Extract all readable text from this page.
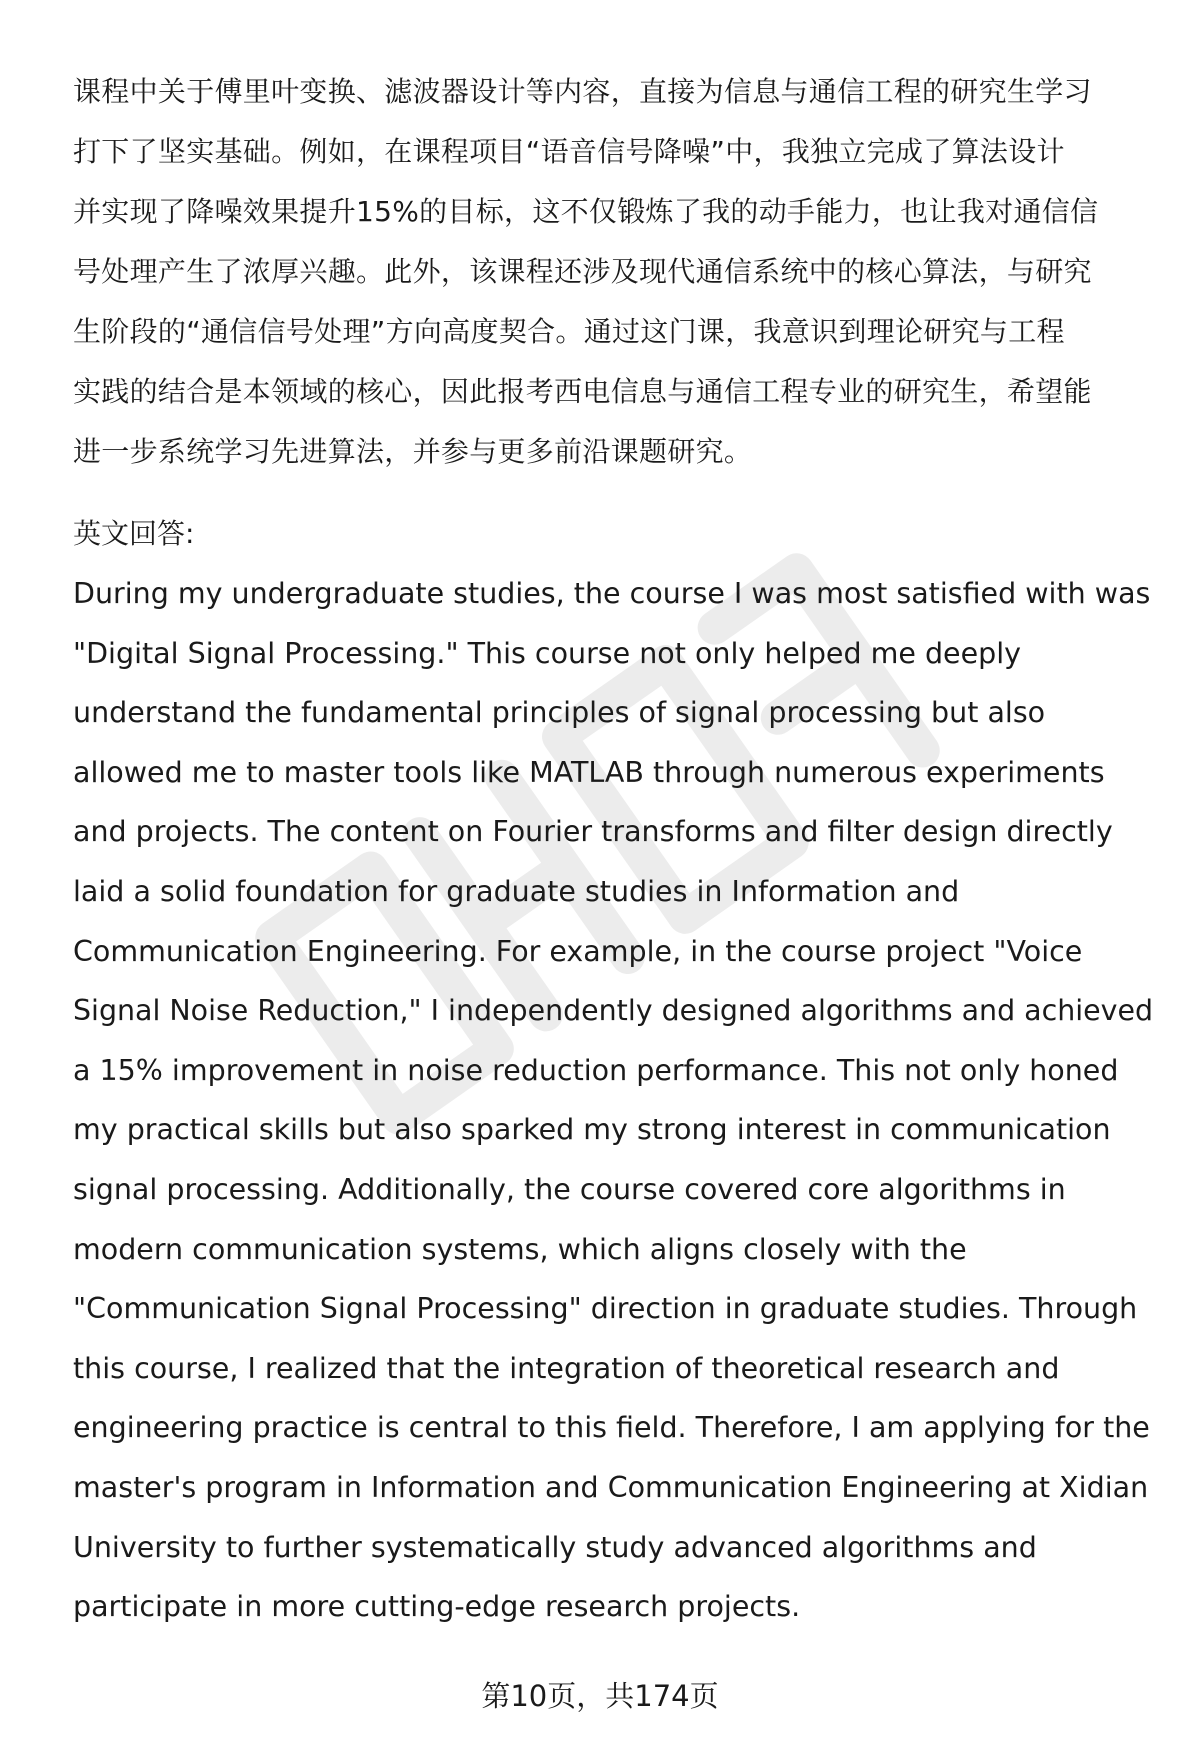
课程中关于傅里叶变换、滤波器设计等内容，直接为信息与通信工程的研究生学习
打下了坚实基础。例如，在课程项目“语音信号降噪”中，我独立完成了算法设计
并实现了降噪效果提升15%的目标，这不仅锻炼了我的动手能力，也让我对通信信
号处理产生了浓厚兴趣。此外，该课程还涉及现代通信系统中的核心算法，与研究
生阶段的“通信信号处理”方向高度契合。通过这门课，我意识到理论研究与工程
实践的结合是本领域的核心，因此报考西电信息与通信工程专业的研究生，希望能
进一步系统学习先进算法，并参与更多前沿课题研究。
英文回答:
During my undergraduate studies, the course I was most satisfied with was
"Digital Signal Processing." This course not only helped me deeply
understand the fundamental principles of signal processing but also
allowed me to master tools like MATLAB through numerous experiments
and projects. The content on Fourier transforms and filter design directly
laid a solid foundation for graduate studies in Information and
Communication Engineering. For example, in the course project "Voice
Signal Noise Reduction," I independently designed algorithms and achieved
a 15% improvement in noise reduction performance. This not only honed
my practical skills but also sparked my strong interest in communication
signal processing. Additionally, the course covered core algorithms in
modern communication systems, which aligns closely with the
"Communication Signal Processing" direction in graduate studies. Through
this course, I realized that the integration of theoretical research and
engineering practice is central to this field. Therefore, I am applying for the
master's program in Information and Communication Engineering at Xidian
University to further systematically study advanced algorithms and
participate in more cutting-edge research projects.
第10页，共174页
